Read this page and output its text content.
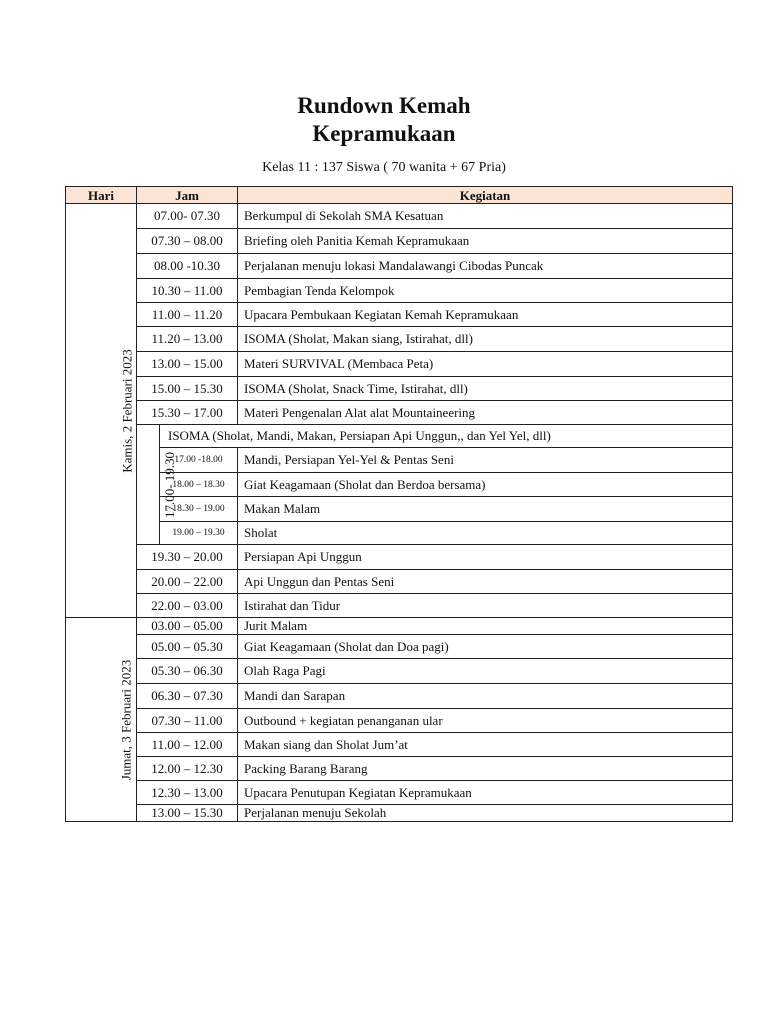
Rundown Kemah
Kepramukaan
Kelas 11 : 137 Siswa ( 70 wanita + 67 Pria)
Hari	Jam		Kegiatan
Kamis, 2 Februari 2023	07.00- 07.30		Berkumpul di Sekolah SMA Kesatuan
	07.30 – 08.00		Briefing oleh Panitia Kemah Kepramukaan
	08.00 -10.30		Perjalanan menuju lokasi Mandalawangi Cibodas Puncak
	10.30 – 11.00		Pembagian Tenda Kelompok
	11.00 – 11.20		Upacara Pembukaan Kegiatan Kemah Kepramukaan
	11.20 – 13.00		ISOMA (Sholat, Makan siang, Istirahat, dll)
	13.00 – 15.00		Materi SURVIVAL (Membaca Peta)
	15.00 – 15.30		ISOMA (Sholat, Snack Time, Istirahat, dll)
	15.30 – 17.00		Materi Pengenalan Alat alat Mountaineering
	17.00- 19.30	ISOMA (Sholat, Mandi, Makan, Persiapan Api Unggun,, dan Yel Yel, dll)	
		17.00 -18.00	Mandi, Persiapan Yel-Yel & Pentas Seni
		18.00 – 18.30	Giat Keagamaan (Sholat dan Berdoa bersama)
		18.30 – 19.00	Makan Malam
		19.00 – 19.30	Sholat
	19.30 – 20.00		Persiapan Api Unggun
	20.00 – 22.00		Api Unggun dan Pentas Seni
	22.00 – 03.00		Istirahat dan Tidur
Jumat, 3 Februari 2023	03.00 – 05.00		Jurit Malam
	05.00 – 05.30		Giat Keagamaan (Sholat dan Doa pagi)
	05.30 – 06.30		Olah Raga Pagi
	06.30 – 07.30		Mandi dan Sarapan
	07.30 – 11.00		Outbound + kegiatan penanganan ular
	11.00 – 12.00		Makan siang dan Sholat Jum’at
	12.00 – 12.30		Packing Barang Barang
	12.30 – 13.00		Upacara Penutupan Kegiatan Kepramukaan
	13.00 – 15.30		Perjalanan menuju Sekolah
